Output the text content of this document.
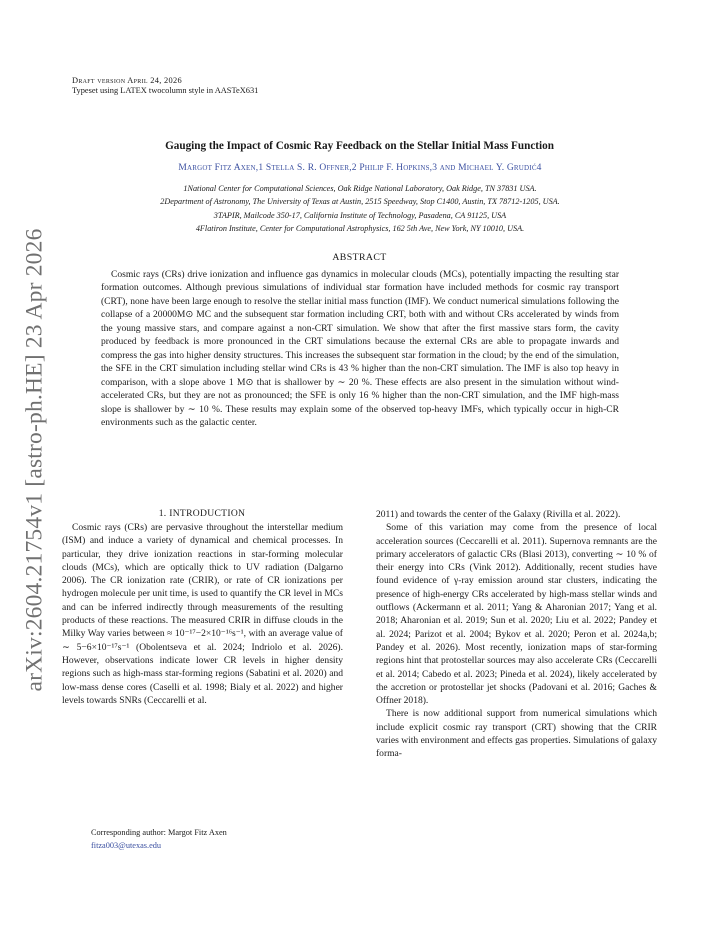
arXiv:2604.21754v1 [astro-ph.HE] 23 Apr 2026
Draft version April 24, 2026
Typeset using LATEX twocolumn style in AASTeX631
Gauging the Impact of Cosmic Ray Feedback on the Stellar Initial Mass Function
Margot Fitz Axen,1 Stella S. R. Offner,2 Philip F. Hopkins,3 and Michael Y. Grudić4
1National Center for Computational Sciences, Oak Ridge National Laboratory, Oak Ridge, TN 37831 USA.
2Department of Astronomy, The University of Texas at Austin, 2515 Speedway, Stop C1400, Austin, TX 78712-1205, USA.
3TAPIR, Mailcode 350-17, California Institute of Technology, Pasadena, CA 91125, USA
4Flatiron Institute, Center for Computational Astrophysics, 162 5th Ave, New York, NY 10010, USA.
ABSTRACT

Cosmic rays (CRs) drive ionization and influence gas dynamics in molecular clouds (MCs), potentially impacting the resulting star formation outcomes. Although previous simulations of individual star formation have included methods for cosmic ray transport (CRT), none have been large enough to resolve the stellar initial mass function (IMF). We conduct numerical simulations following the collapse of a 20000M⊙ MC and the subsequent star formation including CRT, both with and without CRs accelerated by winds from the young massive stars, and compare against a non-CRT simulation. We show that after the first massive stars form, the cavity produced by feedback is more pronounced in the CRT simulations because the external CRs are able to propagate inwards and compress the gas into higher density structures. This increases the subsequent star formation in the cloud; by the end of the simulation, the SFE in the CRT simulation including stellar wind CRs is 43 % higher than the non-CRT simulation. The IMF is also top heavy in comparison, with a slope above 1 M⊙ that is shallower by ∼ 20 %. These effects are also present in the simulation without wind-accelerated CRs, but they are not as pronounced; the SFE is only 16 % higher than the non-CRT simulation, and the IMF high-mass slope is shallower by ∼ 10 %. These results may explain some of the observed top-heavy IMFs, which typically occur in high-CR environments such as the galactic center.

1. INTRODUCTION

Cosmic rays (CRs) are pervasive throughout the interstellar medium (ISM) and induce a variety of dynamical and chemical processes. In particular, they drive ionization reactions in star-forming molecular clouds (MCs), which are optically thick to UV radiation (Dalgarno 2006). The CR ionization rate (CRIR), or rate of CR ionizations per hydrogen molecule per unit time, is used to quantify the CR level in MCs and can be inferred indirectly through measurements of the resulting products of these reactions. The measured CRIR in diffuse clouds in the Milky Way varies between ≈ 10⁻¹⁷−2×10⁻¹⁶s⁻¹, with an average value of ∼ 5−6×10⁻¹⁷s⁻¹ (Obolentseva et al. 2024; Indriolo et al. 2026). However, observations indicate lower CR levels in higher density regions such as high-mass star-forming regions (Sabatini et al. 2020) and low-mass dense cores (Caselli et al. 1998; Bialy et al. 2022) and higher levels towards SNRs (Ceccarelli et al.

2011) and towards the center of the Galaxy (Rivilla et al. 2022).

Some of this variation may come from the presence of local acceleration sources (Ceccarelli et al. 2011). Supernova remnants are the primary accelerators of galactic CRs (Blasi 2013), converting ∼ 10 % of their energy into CRs (Vink 2012). Additionally, recent studies have found evidence of γ-ray emission around star clusters, indicating the presence of high-energy CRs accelerated by high-mass stellar winds and outflows (Ackermann et al. 2011; Yang & Aharonian 2017; Yang et al. 2018; Aharonian et al. 2019; Sun et al. 2020; Liu et al. 2022; Pandey et al. 2024; Parizot et al. 2004; Bykov et al. 2020; Peron et al. 2024a,b; Pandey et al. 2026). Most recently, ionization maps of star-forming regions hint that protostellar sources may also accelerate CRs (Ceccarelli et al. 2014; Cabedo et al. 2023; Pineda et al. 2024), likely accelerated by the accretion or protostellar jet shocks (Padovani et al. 2016; Gaches & Offner 2018).

There is now additional support from numerical simulations which include explicit cosmic ray transport (CRT) showing that the CRIR varies with environment and effects gas properties. Simulations of galaxy forma-

Corresponding author: Margot Fitz Axen
fitza003@utexas.edu
